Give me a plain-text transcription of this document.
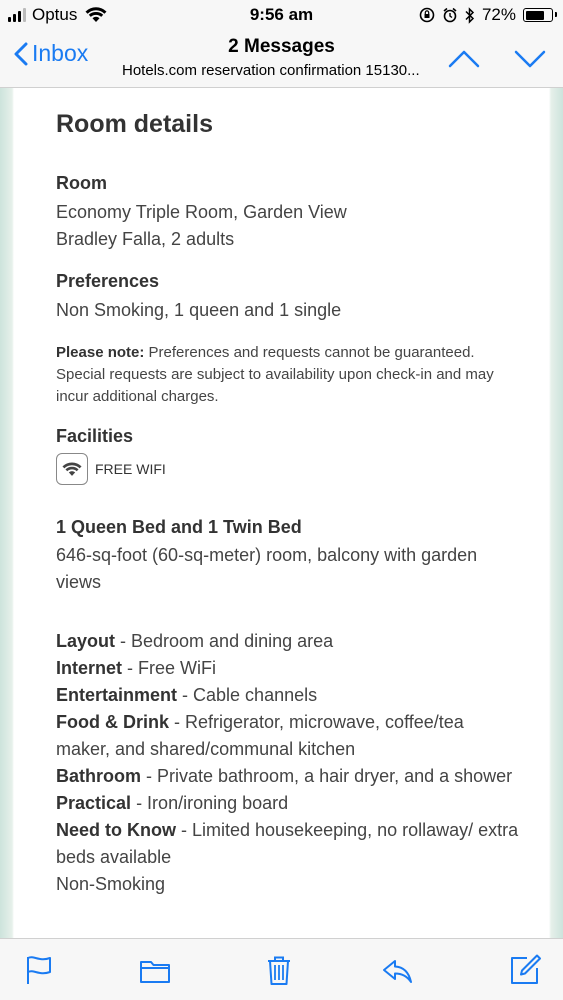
Optus	9:56 am	72%
Inbox	2 Messages
Hotels.com reservation confirmation 15130...
Room details
Room
Economy Triple Room, Garden View
Bradley Falla, 2 adults
Preferences
Non Smoking, 1 queen and 1 single
Please note: Preferences and requests cannot be guaranteed. Special requests are subject to availability upon check-in and may incur additional charges.
Facilities
FREE WIFI
1 Queen Bed and 1 Twin Bed
646-sq-foot (60-sq-meter) room, balcony with garden views
Layout - Bedroom and dining area
Internet - Free WiFi
Entertainment - Cable channels
Food & Drink - Refrigerator, microwave, coffee/tea maker, and shared/communal kitchen
Bathroom - Private bathroom, a hair dryer, and a shower
Practical - Iron/ironing board
Need to Know - Limited housekeeping, no rollaway/ extra beds available
Non-Smoking
